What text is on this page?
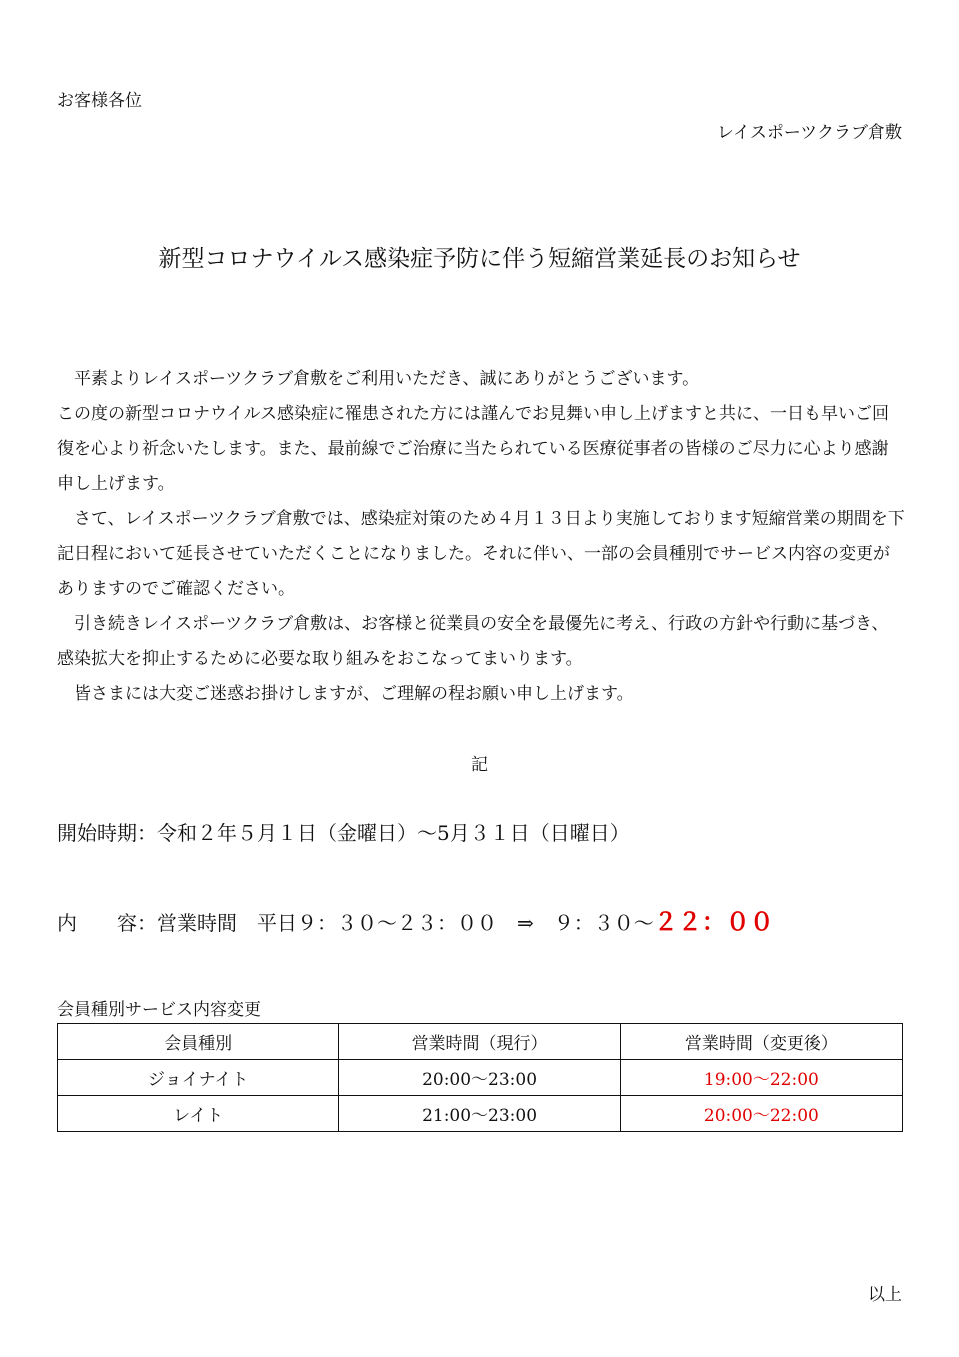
お客様各位
レイスポーツクラブ倉敷
新型コロナウイルス感染症予防に伴う短縮営業延長のお知らせ

平素よりレイスポーツクラブ倉敷をご利用いただき、誠にありがとうございます。

この度の新型コロナウイルス感染症に罹患された方には謹んでお見舞い申し上げますと共に、一日も早いご回復を心より祈念いたします。また、最前線でご治療に当たられている医療従事者の皆様のご尽力に心より感謝申し上げます。

さて、レイスポーツクラブ倉敷では、感染症対策のため４月１３日より実施しております短縮営業の期間を下記日程において延長させていただくことになりました。それに伴い、一部の会員種別でサービス内容の変更がありますのでご確認ください。

引き続きレイスポーツクラブ倉敷は、お客様と従業員の安全を最優先に考え、行政の方針や行動に基づき、感染拡大を抑止するために必要な取り組みをおこなってまいります。

皆さまには大変ご迷惑お掛けしますが、ご理解の程お願い申し上げます。

記
開始時期：令和２年５月１日（金曜日）～5月３１日（日曜日）
内　　容：営業時間　平日９：３０～２３：００　⇒　９：３０～２２：００
会員種別サービス内容変更
会員種別	営業時間（現行）	営業時間（変更後）
ジョイナイト	20:00～23:00	19:00～22:00
レイト	21:00～23:00	20:00～22:00
以上
